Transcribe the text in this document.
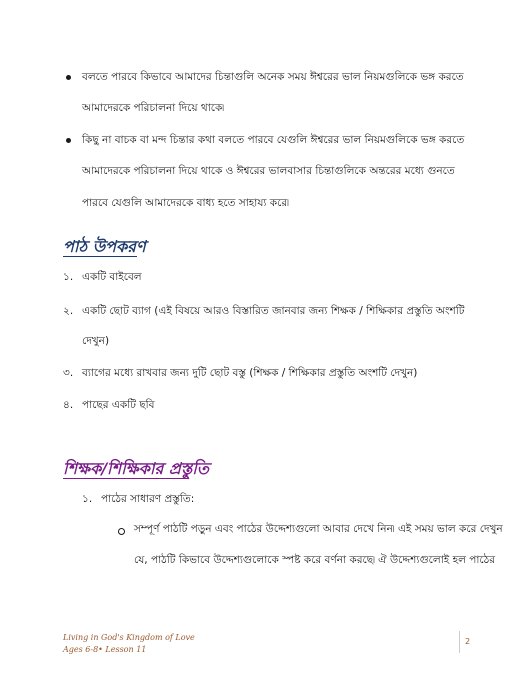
বলতে পারবে কিভাবে আমাদের চিন্তাগুলি অনেক সময় ঈশ্বরের ভাল নিয়মগুলিকে ভঙ্গ করতে
আমাদেরকে পরিচালনা দিয়ে থাকে৷
কিছু না বাচক বা মন্দ চিন্তার কথা বলতে পারবে যেগুলি ঈশ্বরের ভাল নিয়মগুলিকে ভঙ্গ করতে
আমাদেরকে পরিচালনা দিয়ে থাকে ও ঈশ্বরের ভালবাসার চিন্তাগুলিকে অন্তরের মধ্যে গুনতে
পারবে যেগুলি আমাদেরকে বাধ্য হতে সাহায্য করে৷
পাঠ উপকরণ
১. একটি বাইবেল
২. একটি ছোট ব্যাগ (এই বিষয়ে আরও বিস্তারিত জানবার জন্য শিক্ষক / শিক্ষিকার প্রস্তুতি অংশটি
দেখুন)
৩. ব্যাগের মধ্যে রাখবার জন্য দুটি ছোট বস্তু (শিক্ষক / শিক্ষিকার প্রস্তুতি অংশটি দেখুন)
৪. পাছের একটি ছবি
শিক্ষক/শিক্ষিকার প্রস্তুতি
১. পাঠের সাধারণ প্রস্তুতি:
সম্পূর্ণ পাঠটি পড়ুন এবং পাঠের উদ্দেশ্যগুলো আবার দেখে নিন৷ এই সময় ভাল করে দেখুন
যে, পাঠটি কিভাবে উদ্দেশ্যগুলোকে স্পষ্ট করে বর্ণনা করছে৷ ঐ উদ্দেশ্যগুলোই হল পাঠের
Living in God's Kingdom of Love
Ages 6-8• Lesson 11
2
